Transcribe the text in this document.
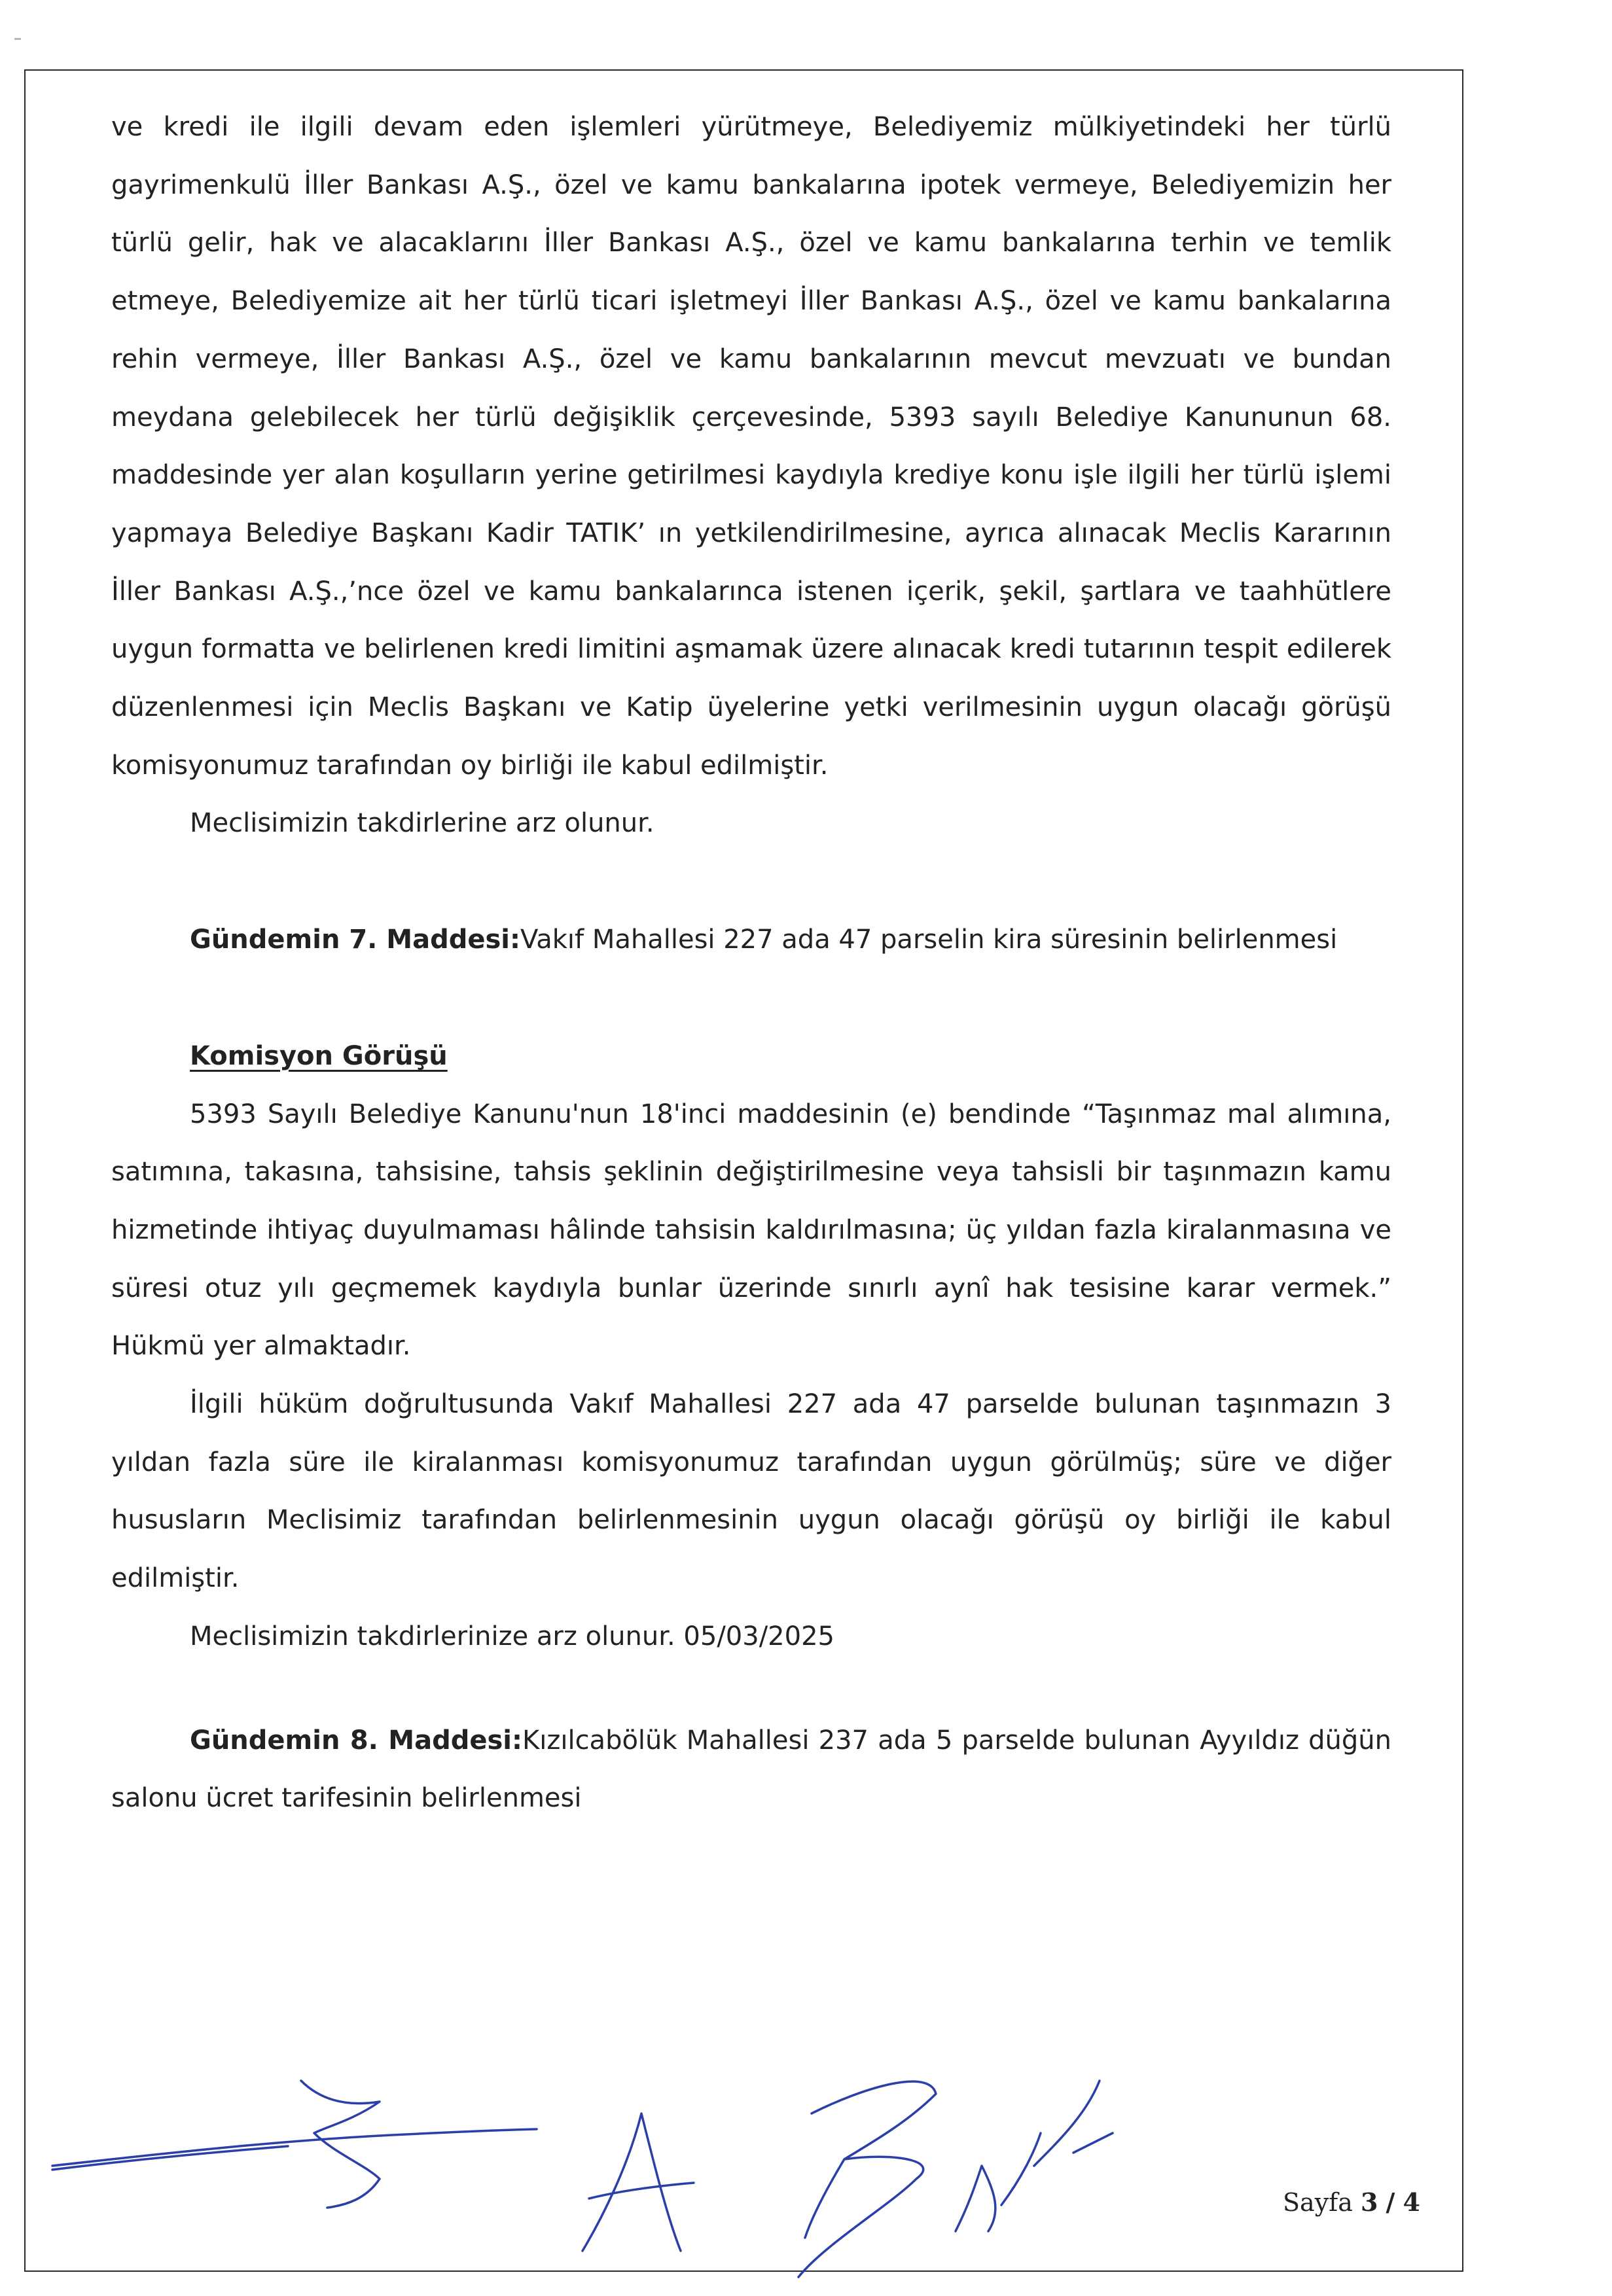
ve kredi ile ilgili devam eden işlemleri yürütmeye, Belediyemiz mülkiyetindeki her türlü gayrimenkulü İller Bankası A.Ş., özel ve kamu bankalarına ipotek vermeye, Belediyemizin her türlü gelir, hak ve alacaklarını İller Bankası A.Ş., özel ve kamu bankalarına terhin ve temlik etmeye, Belediyemize ait her türlü ticari işletmeyi İller Bankası A.Ş., özel ve kamu bankalarına rehin vermeye, İller Bankası A.Ş., özel ve kamu bankalarının mevcut mevzuatı ve bundan meydana gelebilecek her türlü değişiklik çerçevesinde, 5393 sayılı Belediye Kanununun 68. maddesinde yer alan koşulların yerine getirilmesi kaydıyla krediye konu işle ilgili her türlü işlemi yapmaya Belediye Başkanı Kadir TATIK’ ın yetkilendirilmesine, ayrıca alınacak Meclis Kararının İller Bankası A.Ş.,’nce özel ve kamu bankalarınca istenen içerik, şekil, şartlara ve taahhütlere uygun formatta ve belirlenen kredi limitini aşmamak üzere alınacak kredi tutarının tespit edilerek düzenlenmesi için Meclis Başkanı ve Katip üyelerine yetki verilmesinin uygun olacağı görüşü komisyonumuz tarafından oy birliği ile kabul edilmiştir.

Meclisimizin takdirlerine arz olunur.

Gündemin 7. Maddesi:Vakıf Mahallesi 227 ada 47 parselin kira süresinin belirlenmesi

Komisyon Görüşü

5393 Sayılı Belediye Kanunu'nun 18'inci maddesinin (e) bendinde “Taşınmaz mal alımına, satımına, takasına, tahsisine, tahsis şeklinin değiştirilmesine veya tahsisli bir taşınmazın kamu hizmetinde ihtiyaç duyulmaması hâlinde tahsisin kaldırılmasına; üç yıldan fazla kiralanmasına ve süresi otuz yılı geçmemek kaydıyla bunlar üzerinde sınırlı aynî hak tesisine karar vermek.” Hükmü yer almaktadır.

İlgili hüküm doğrultusunda Vakıf Mahallesi 227 ada 47 parselde bulunan taşınmazın 3 yıldan fazla süre ile kiralanması komisyonumuz tarafından uygun görülmüş; süre ve diğer hususların Meclisimiz tarafından belirlenmesinin uygun olacağı görüşü oy birliği ile kabul edilmiştir.

Meclisimizin takdirlerinize arz olunur. 05/03/2025

Gündemin 8. Maddesi:Kızılcabölük Mahallesi 237 ada 5 parselde bulunan Ayyıldız düğün salonu ücret tarifesinin belirlenmesi

Sayfa 3 / 4
